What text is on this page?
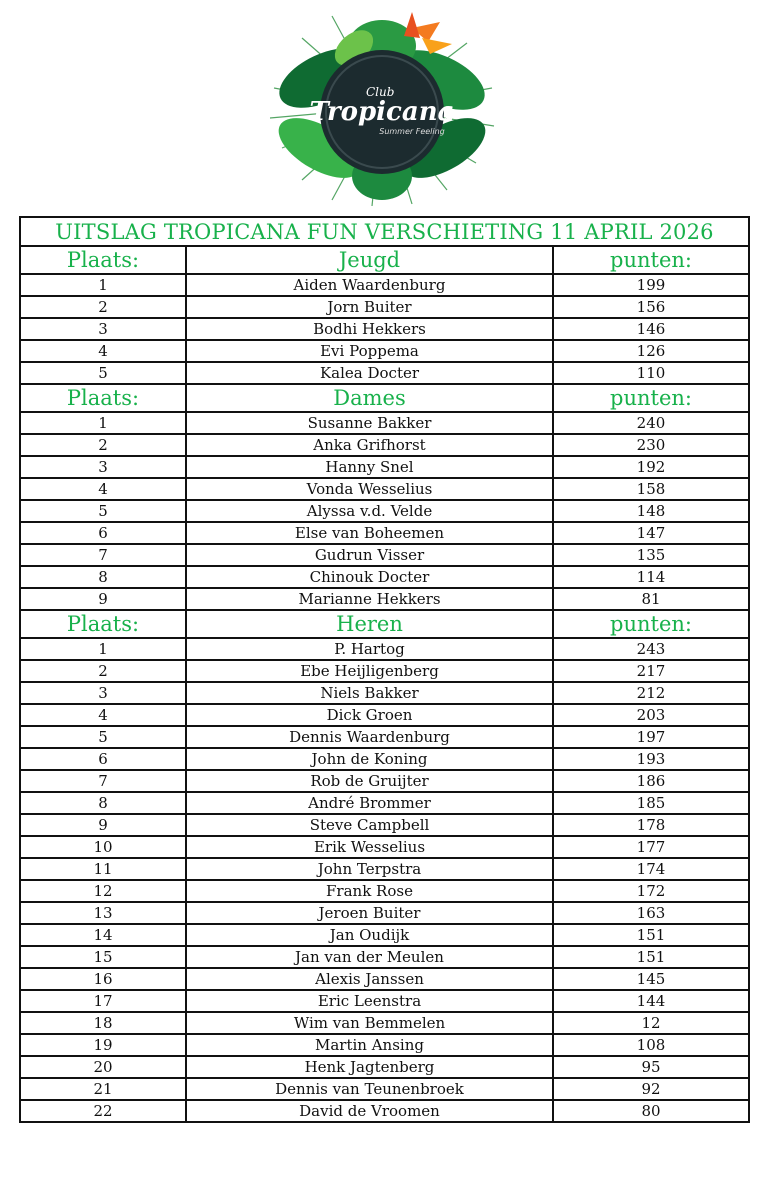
Club
Tropicana
Summer Feeling
UITSLAG TROPICANA FUN VERSCHIETING 11 APRIL 2026		
Plaats:	Jeugd	punten:
1	Aiden Waardenburg	199
2	Jorn Buiter	156
3	Bodhi Hekkers	146
4	Evi Poppema	126
5	Kalea Docter	110
Plaats:	Dames	punten:
1	Susanne Bakker	240
2	Anka Grifhorst	230
3	Hanny Snel	192
4	Vonda Wesselius	158
5	Alyssa v.d. Velde	148
6	Else van Boheemen	147
7	Gudrun Visser	135
8	Chinouk Docter	114
9	Marianne Hekkers	81
Plaats:	Heren	punten:
1	P. Hartog	243
2	Ebe Heijligenberg	217
3	Niels Bakker	212
4	Dick Groen	203
5	Dennis Waardenburg	197
6	John de Koning	193
7	Rob de Gruijter	186
8	André Brommer	185
9	Steve Campbell	178
10	Erik Wesselius	177
11	John Terpstra	174
12	Frank Rose	172
13	Jeroen Buiter	163
14	Jan Oudijk	151
15	Jan van der Meulen	151
16	Alexis Janssen	145
17	Eric Leenstra	144
18	Wim van Bemmelen	12
19	Martin Ansing	108
20	Henk Jagtenberg	95
21	Dennis van Teunenbroek	92
22	David de Vroomen	80
